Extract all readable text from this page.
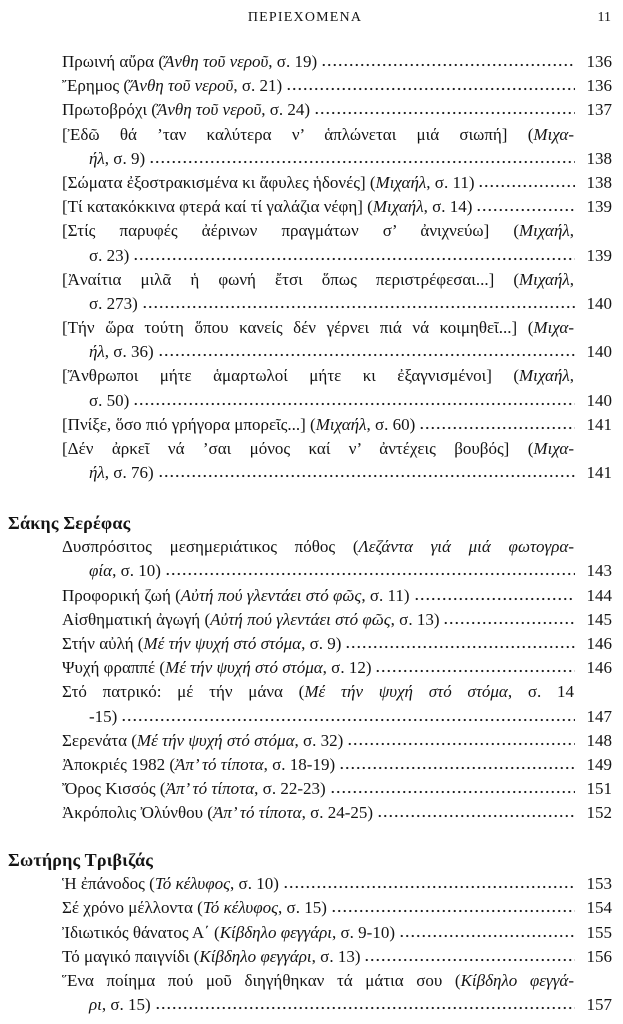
ΠΕΡΙΕΧΟΜΕΝΑ	11
Πρωινή αὔρα (Ἄνθη τοῦ νεροῦ, σ. 19)	136
Ἔρημος (Ἄνθη τοῦ νεροῦ, σ. 21)	136
Πρωτοβρόχι (Ἄνθη τοῦ νεροῦ, σ. 24)	137
[Ἐδῶ θά ’ταν καλύτερα ν’ ἁπλώνεται μιά σιωπή] (Μιχα-
ήλ, σ. 9)	138
[Σώματα ἐξοστρακισμένα κι ἄφυλες ἡδονές] (Μιχαήλ, σ. 11)	138
[Τί κατακόκκινα φτερά καί τί γαλάζια νέφη] (Μιχαήλ, σ. 14)	139
[Στίς παρυφές ἀέρινων πραγμάτων σ’ ἀνιχνεύω] (Μιχαήλ,
σ. 23)	139
[Ἀναίτια μιλᾶ ἡ φωνή ἔτσι ὅπως περιστρέφεσαι...] (Μιχαήλ,
σ. 273)	140
[Τήν ὥρα τούτη ὅπου κανείς δέν γέρνει πιά νά κοιμηθεῖ...] (Μιχα-
ήλ, σ. 36)	140
[Ἄνθρωποι μήτε ἁμαρτωλοί μήτε κι ἐξαγνισμένοι] (Μιχαήλ,
σ. 50)	140
[Πνίξε, ὅσο πιό γρήγορα μπορεῖς...] (Μιχαήλ, σ. 60)	141
[Δέν ἀρκεῖ νά ’σαι μόνος καί ν’ ἀντέχεις βουβός] (Μιχα-
ήλ, σ. 76)	141
Σάκης Σερέφας
Δυσπρόσιτος μεσημεριάτικος πόθος (Λεζάντα γιά μιά φωτογρα-
φία, σ. 10)	143
Προφορική ζωή (Αὐτή πού γλεντάει στό φῶς, σ. 11)	144
Αἰσθηματική ἀγωγή (Αὐτή πού γλεντάει στό φῶς, σ. 13)	145
Στήν αὐλή (Μέ τήν ψυχή στό στόμα, σ. 9)	146
Ψυχή φραππέ (Μέ τήν ψυχή στό στόμα, σ. 12)	146
Στό πατρικό: μέ τήν μάνα (Μέ τήν ψυχή στό στόμα, σ. 14
-15)	147
Σερενάτα (Μέ τήν ψυχή στό στόμα, σ. 32)	148
Ἀποκριές 1982 (Ἀπ’ τό τίποτα, σ. 18-19)	149
Ὄρος Κισσός (Ἀπ’ τό τίποτα, σ. 22-23)	151
Ἀκρόπολις Ὀλύνθου (Ἀπ’ τό τίποτα, σ. 24-25)	152
Σωτήρης Τριβιζάς
Ἡ ἐπάνοδος (Τό κέλυφος, σ. 10)	153
Σέ χρόνο μέλλοντα (Τό κέλυφος, σ. 15)	154
Ἰδιωτικός θάνατος Α΄ (Κίβδηλο φεγγάρι, σ. 9-10)	155
Τό μαγικό παιγνίδι (Κίβδηλο φεγγάρι, σ. 13)	156
Ἕνα ποίημα πού μοῦ διηγήθηκαν τά μάτια σου (Κίβδηλο φεγγά-
ρι, σ. 15)	157
